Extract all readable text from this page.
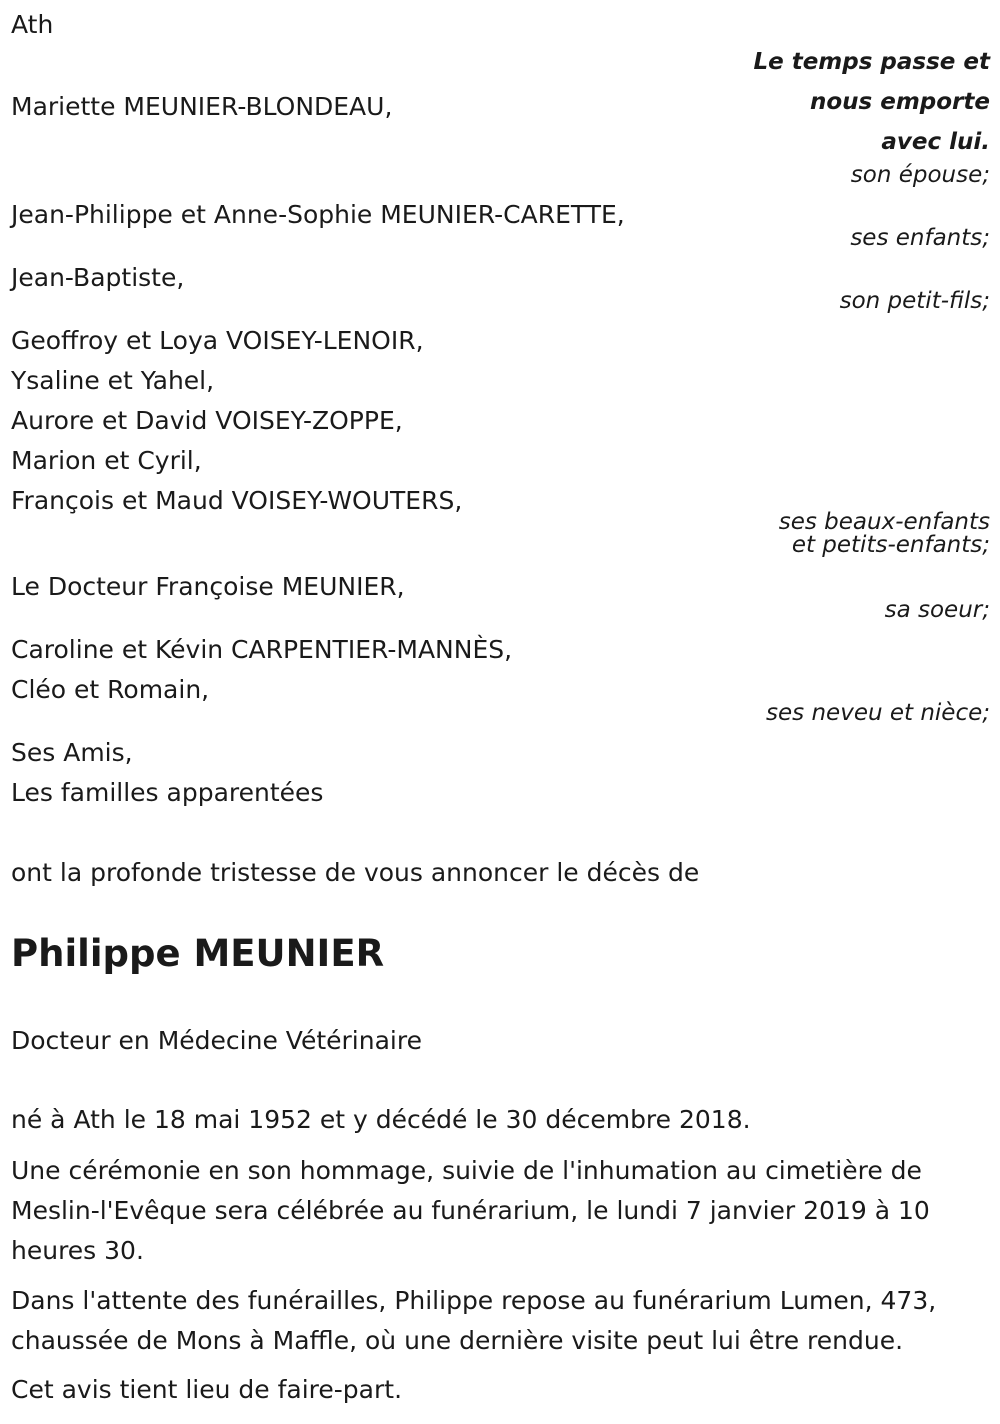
Ath
Le temps passe et
nous emporte
avec lui.
Mariette MEUNIER-BLONDEAU,
son épouse;
Jean-Philippe et Anne-Sophie MEUNIER-CARETTE,
ses enfants;
Jean-Baptiste,
son petit-fils;
Geoffroy et Loya VOISEY-LENOIR,
Ysaline et Yahel,
Aurore et David VOISEY-ZOPPE,
Marion et Cyril,
François et Maud VOISEY-WOUTERS,
ses beaux-enfants
et petits-enfants;
Le Docteur Françoise MEUNIER,
sa soeur;
Caroline et Kévin CARPENTIER-MANNÈS,
Cléo et Romain,
ses neveu et nièce;
Ses Amis,
Les familles apparentées
ont la profonde tristesse de vous annoncer le décès de
Philippe MEUNIER
Docteur en Médecine Vétérinaire
né à Ath le 18 mai 1952 et y décédé le 30 décembre 2018.
Une cérémonie en son hommage, suivie de l'inhumation au cimetière de Meslin-l'Evêque sera célébrée au funérarium, le lundi 7 janvier 2019 à 10 heures 30.
Dans l'attente des funérailles, Philippe repose au funérarium Lumen, 473, chaussée de Mons à Maffle, où une dernière visite peut lui être rendue.
Cet avis tient lieu de faire-part.
